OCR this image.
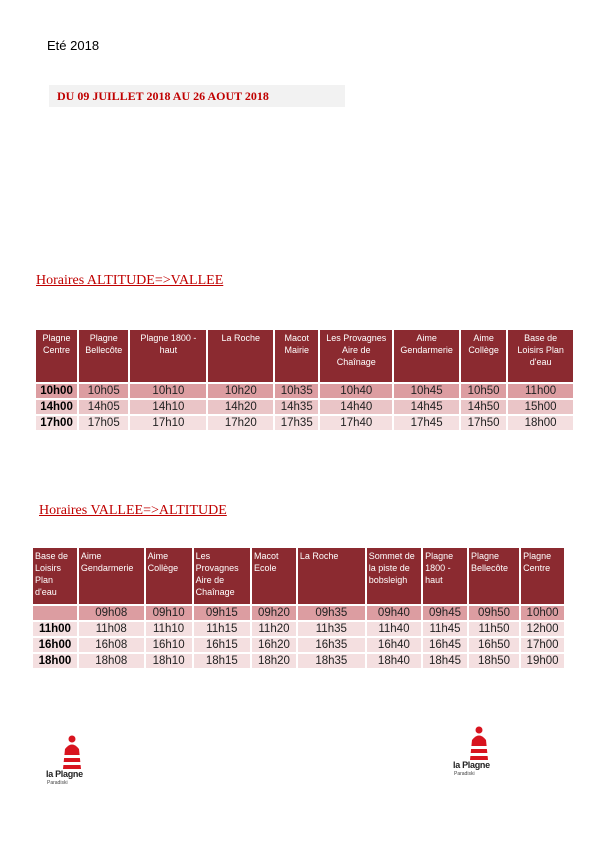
Eté 2018
DU 09 JUILLET 2018 AU 26 AOUT 2018
Horaires ALTITUDE=>VALLEE
Plagne Centre	Plagne Bellecôte	Plagne 1800 - haut	La Roche	Macot Mairie	Les Provagnes Aire de Chaînage	Aime Gendarmerie	Aime Collège	Base de Loisirs Plan d'eau
10h00	10h05	10h10	10h20	10h35	10h40	10h45	10h50	11h00
14h00	14h05	14h10	14h20	14h35	14h40	14h45	14h50	15h00
17h00	17h05	17h10	17h20	17h35	17h40	17h45	17h50	18h00
Horaires VALLEE=>ALTITUDE
Base de Loisirs Plan d'eau	Aime Gendarmerie	Aime Collège	Les Provagnes Aire de Chaînage	Macot Ecole	La Roche	Sommet de la piste de bobsleigh	Plagne 1800 - haut	Plagne Bellecôte	Plagne Centre
	09h08	09h10	09h15	09h20	09h35	09h40	09h45	09h50	10h00
11h00	11h08	11h10	11h15	11h20	11h35	11h40	11h45	11h50	12h00
16h00	16h08	16h10	16h15	16h20	16h35	16h40	16h45	16h50	17h00
18h00	18h08	18h10	18h15	18h20	18h35	18h40	18h45	18h50	19h00
la Plagne
Paradiski
la Plagne
Paradiski
